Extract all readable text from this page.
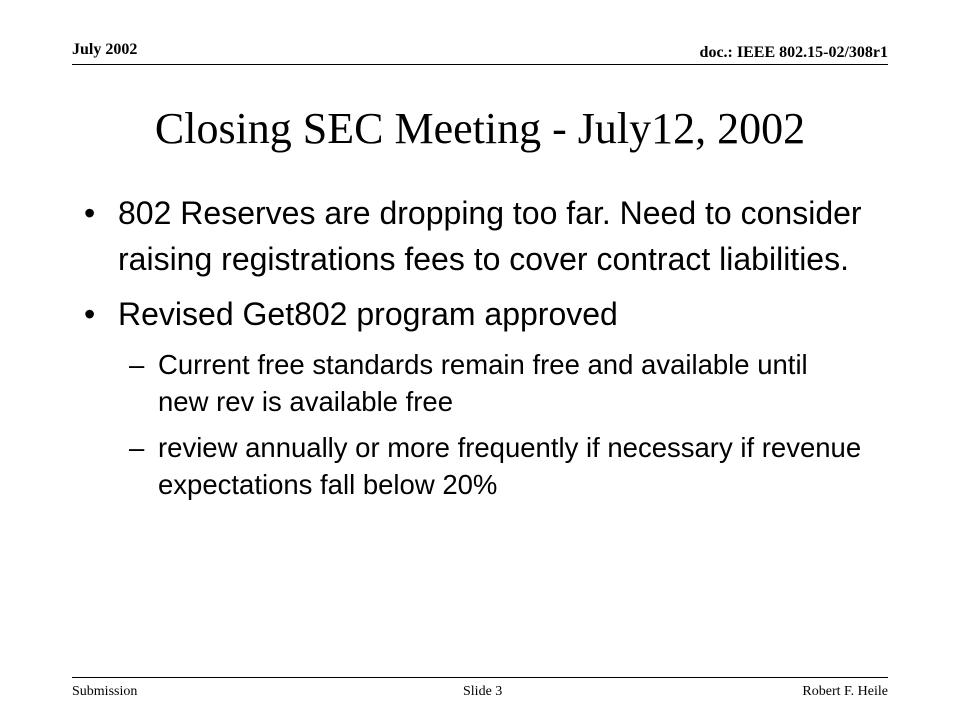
July 2002	doc.: IEEE 802.15-02/308r1
Closing SEC Meeting - July12, 2002
• 802 Reserves are dropping too far. Need to consider raising registrations fees to cover contract liabilities.
• Revised Get802 program approved
– Current free standards remain free and available until new rev is available free
– review annually or more frequently if necessary if revenue expectations fall below 20%
Submission	Slide 3	Robert F. Heile
